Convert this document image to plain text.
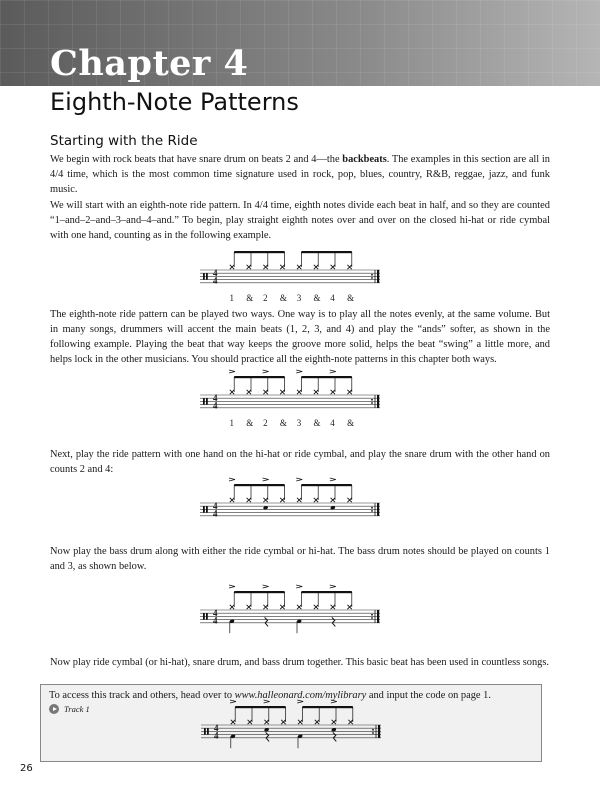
Chapter 4
Eighth-Note Patterns
Starting with the Ride

We begin with rock beats that have snare drum on beats 2 and 4—the backbeats. The examples in this section are all in 4/4 time, which is the most common time signature used in rock, pop, blues, country, R&B, reggae, jazz, and funk music.

We will start with an eighth-note ride pattern. In 4/4 time, eighth notes divide each beat in half, and so they are counted “1–and–2–and–3–and–4–and.” To begin, play straight eighth notes over and over on the closed hi-hat or ride cymbal with one hand, counting as in the following example.

4
4
1 & 2 & 3 & 4 &

The eighth-note ride pattern can be played two ways. One way is to play all the notes evenly, at the same volume. But in many songs, drummers will accent the main beats (1, 2, 3, and 4) and play the “ands” softer, as shown in the following example. Playing the beat that way keeps the groove more solid, helps the beat “swing” a little more, and helps lock in the other musicians. You should practice all the eighth-note patterns in this chapter both ways.

4
4
1 & 2 & 3 & 4 &

Next, play the ride pattern with one hand on the hi-hat or ride cymbal, and play the snare drum with the other hand on counts 2 and 4:

4
4

Now play the bass drum along with either the ride cymbal or hi-hat. The bass drum notes should be played on counts 1 and 3, as shown below.

4
4

Now play ride cymbal (or hi-hat), snare drum, and bass drum together. This basic beat has been used in countless songs.

To access this track and others, head over to www.halleonard.com/mylibrary and input the code on page 1.

Track 1
4
4
26
